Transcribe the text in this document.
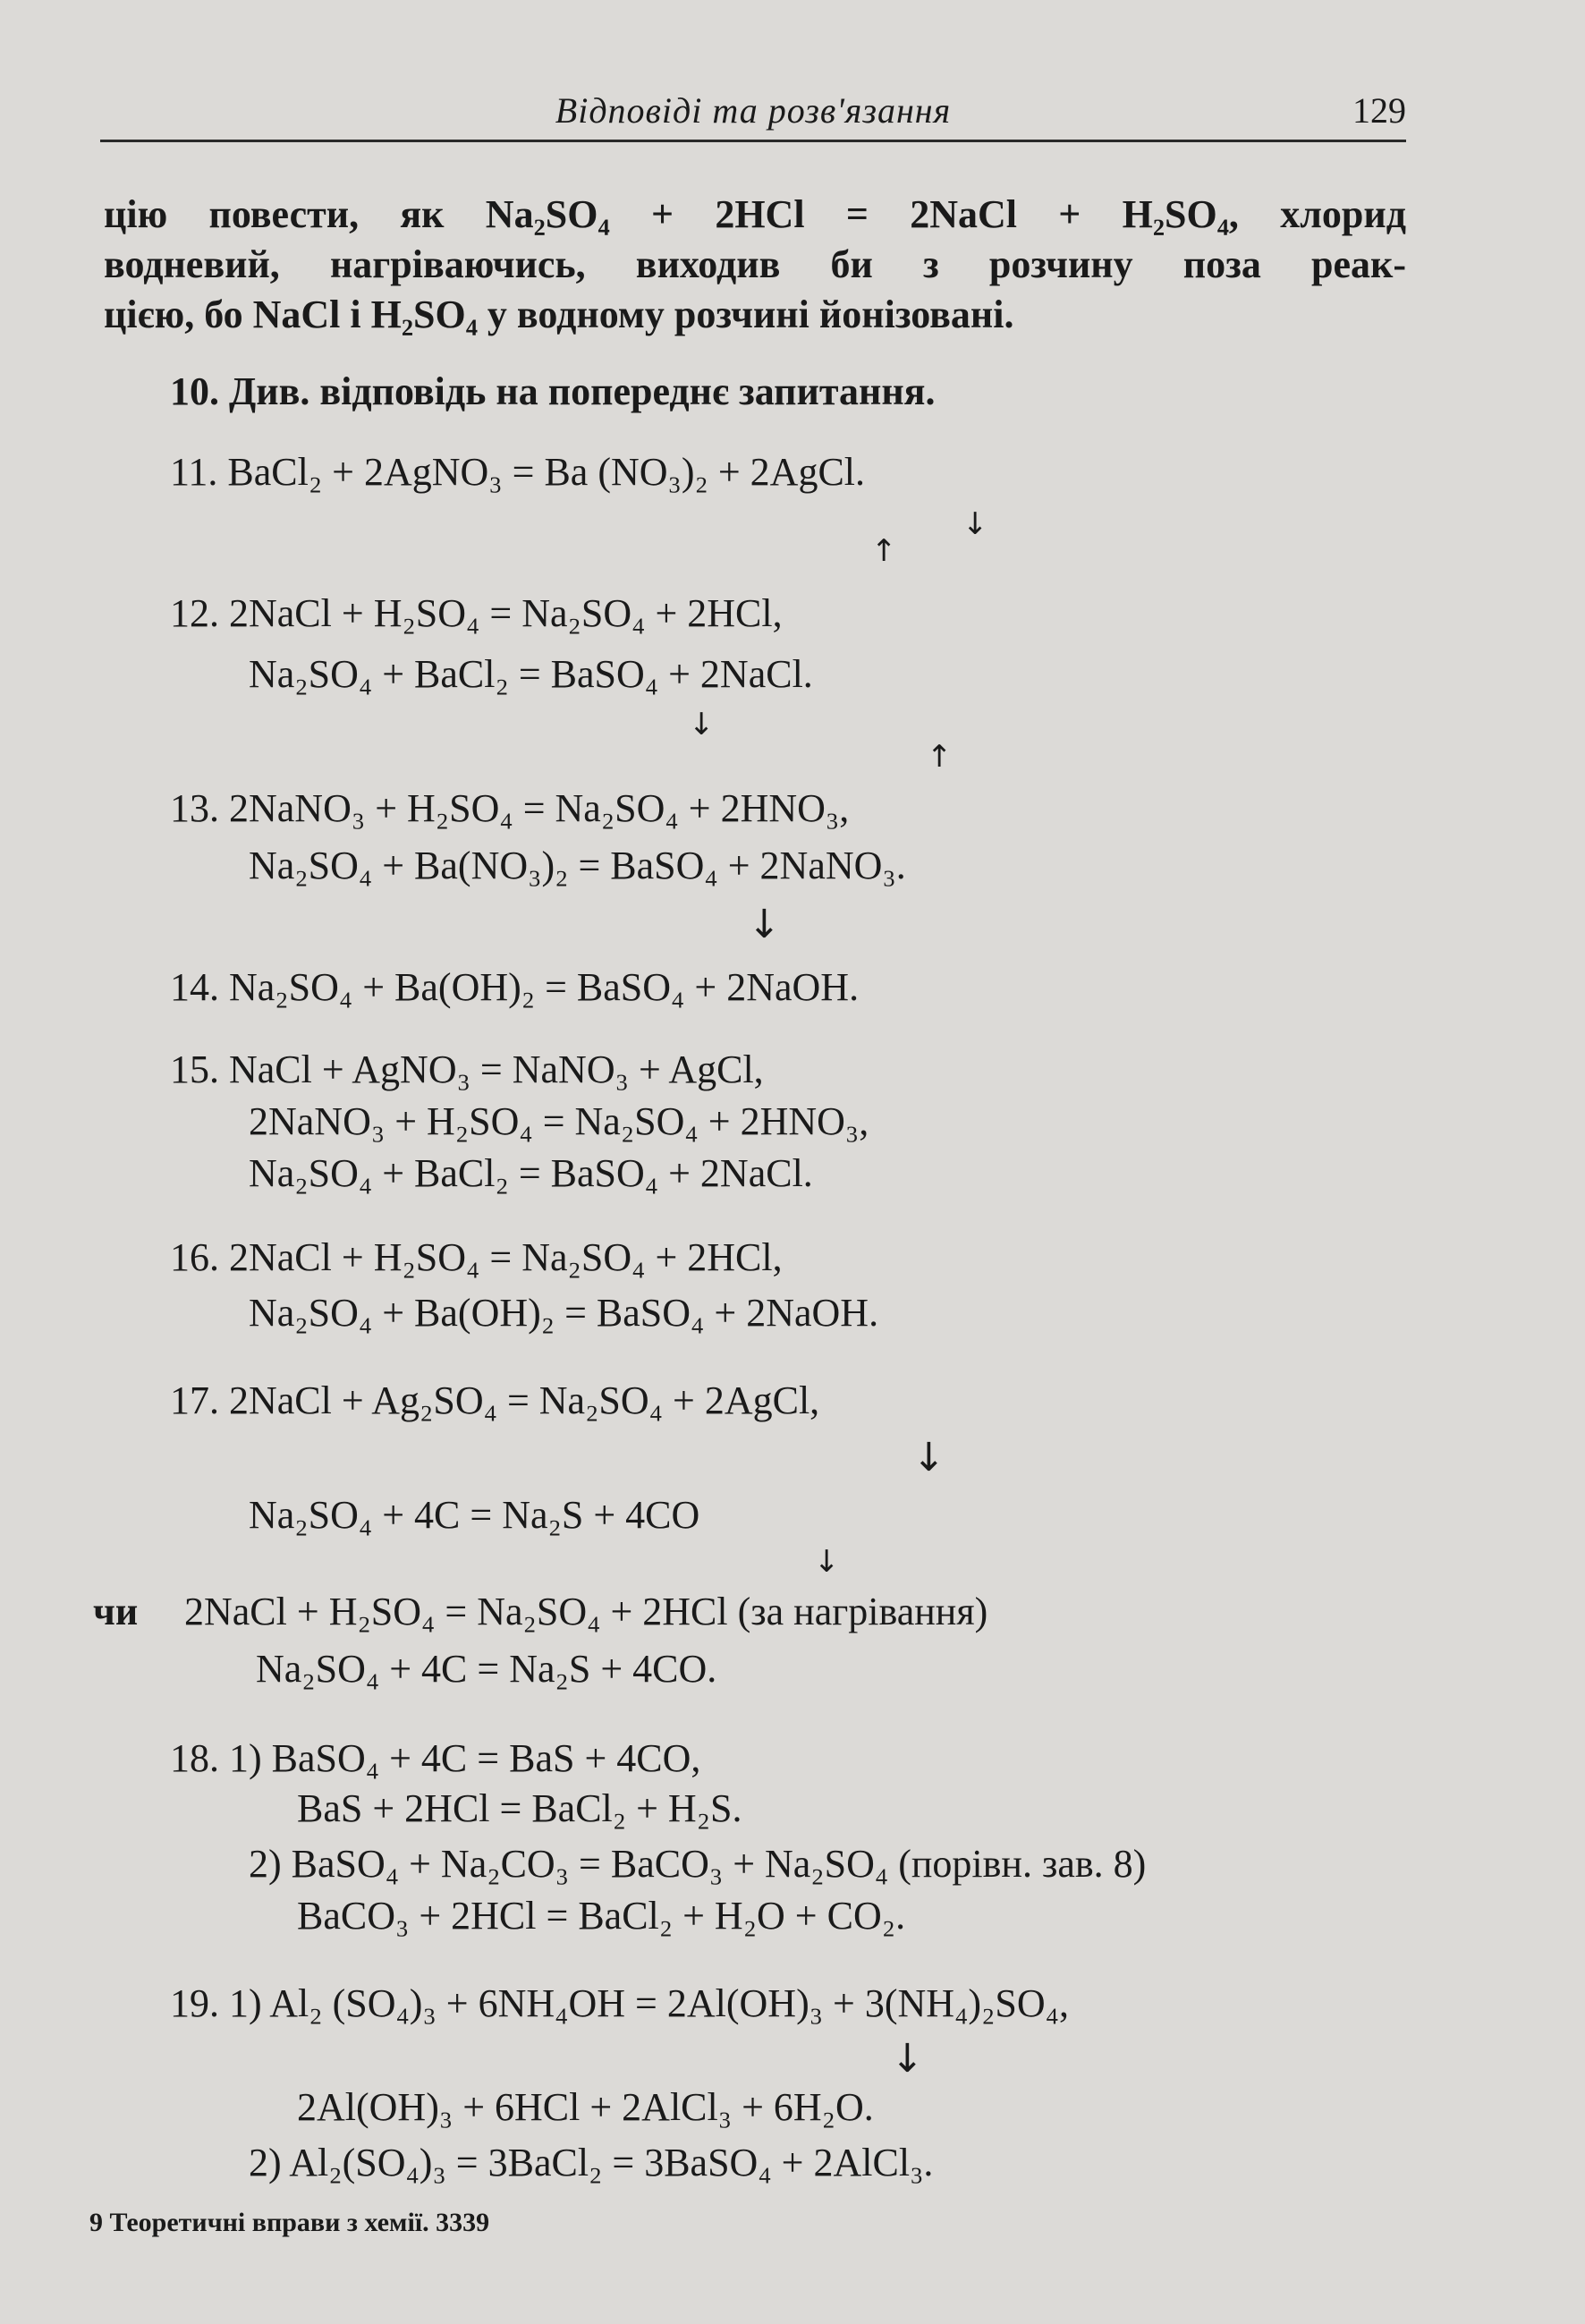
Відповіді та розв'язання	129
цію повести, як Na₂SO₄ + 2HCl = 2NaCl + H₂SO₄, хлорид
водневий, нагріваючись, виходив би з розчину поза реак-
цією, бо NaCl і H₂SO₄ у водному розчині йонізовані.
10. Див. відповідь на попереднє запитання.
11. BaCl₂ + 2AgNO₃ = Ba (NO₃)₂ + 2AgCl.
↓
↑
12. 2NaCl + H₂SO₄ = Na₂SO₄ + 2HCl,
Na₂SO₄ + BaCl₂ = BaSO₄ + 2NaCl.
↓
↑
13. 2NaNO₃ + H₂SO₄ = Na₂SO₄ + 2HNO₃,
Na₂SO₄ + Ba(NO₃)₂ = BaSO₄ + 2NaNO₃.
↓
14. Na₂SO₄ + Ba(OH)₂ = BaSO₄ + 2NaOH.
15. NaCl + AgNO₃ = NaNO₃ + AgCl,
2NaNO₃ + H₂SO₄ = Na₂SO₄ + 2HNO₃,
Na₂SO₄ + BaCl₂ = BaSO₄ + 2NaCl.
16. 2NaCl + H₂SO₄ = Na₂SO₄ + 2HCl,
Na₂SO₄ + Ba(OH)₂ = BaSO₄ + 2NaOH.
17. 2NaCl + Ag₂SO₄ = Na₂SO₄ + 2AgCl,
↓
Na₂SO₄ + 4C = Na₂S + 4CO
↓
чи 2NaCl + H₂SO₄ = Na₂SO₄ + 2HCl (за нагрівання)
Na₂SO₄ + 4C = Na₂S + 4CO.
18. 1) BaSO₄ + 4C = BaS + 4CO,
BaS + 2HCl = BaCl₂ + H₂S.
2) BaSO₄ + Na₂CO₃ = BaCO₃ + Na₂SO₄ (порівн. зав. 8)
BaCO₃ + 2HCl = BaCl₂ + H₂O + CO₂.
19. 1) Al₂ (SO₄)₃ + 6NH₄OH = 2Al(OH)₃ + 3(NH₄)₂SO₄,
↓
2Al(OH)₃ + 6HCl + 2AlCl₃ + 6H₂O.
2) Al₂(SO₄)₃ = 3BaCl₂ = 3BaSO₄ + 2AlCl₃.
9 Теоретичні вправи з хемії. 3339
